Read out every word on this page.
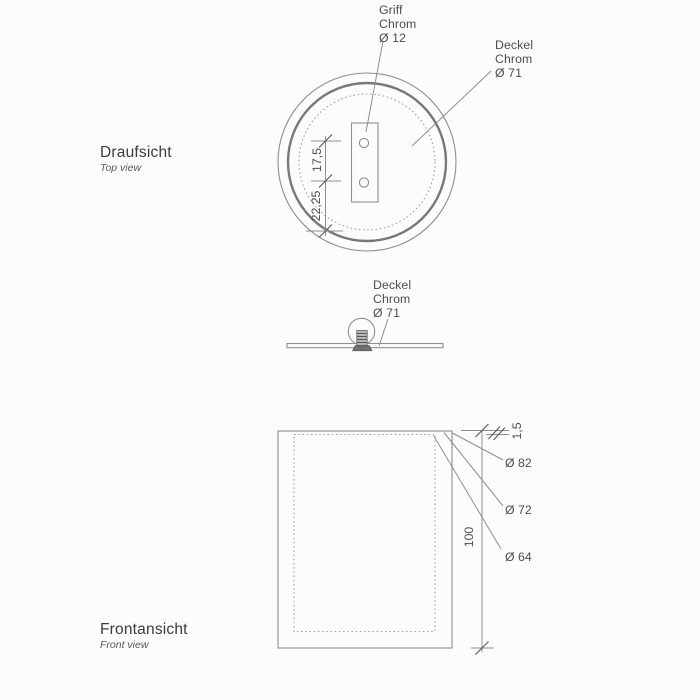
Draufsicht
Top view
Griff
Chrom
Ø 12
Deckel
Chrom
Ø 71
17,5
22,25
Deckel
Chrom
Ø 71
Frontansicht
Front view
1,5
100
Ø 82
Ø 72
Ø 64
